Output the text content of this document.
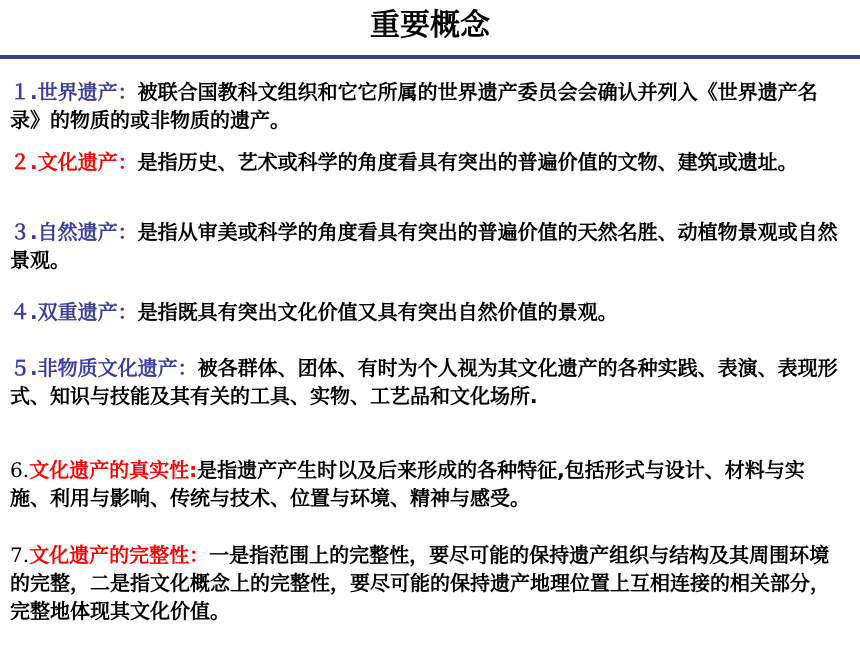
重要概念
１.世界遗产：被联合国教科文组织和它它所属的世界遗产委员会会确认并列入《世界遗产名录》的物质的或非物质的遗产。
２.文化遗产：是指历史、艺术或科学的角度看具有突出的普遍价值的文物、建筑或遗址。
３.自然遗产：是指从审美或科学的角度看具有突出的普遍价值的天然名胜、动植物景观或自然景观。
４.双重遗产：是指既具有突出文化价值又具有突出自然价值的景观。
５.非物质文化遗产：被各群体、团体、有时为个人视为其文化遗产的各种实践、表演、表现形式、知识与技能及其有关的工具、实物、工艺品和文化场所.
6.文化遗产的真实性:是指遗产产生时以及后来形成的各种特征,包括形式与设计、材料与实施、利用与影响、传统与技术、位置与环境、精神与感受。
7.文化遗产的完整性：一是指范围上的完整性，要尽可能的保持遗产组织与结构及其周围环境的完整，二是指文化概念上的完整性，要尽可能的保持遗产地理位置上互相连接的相关部分，完整地体现其文化价值。
